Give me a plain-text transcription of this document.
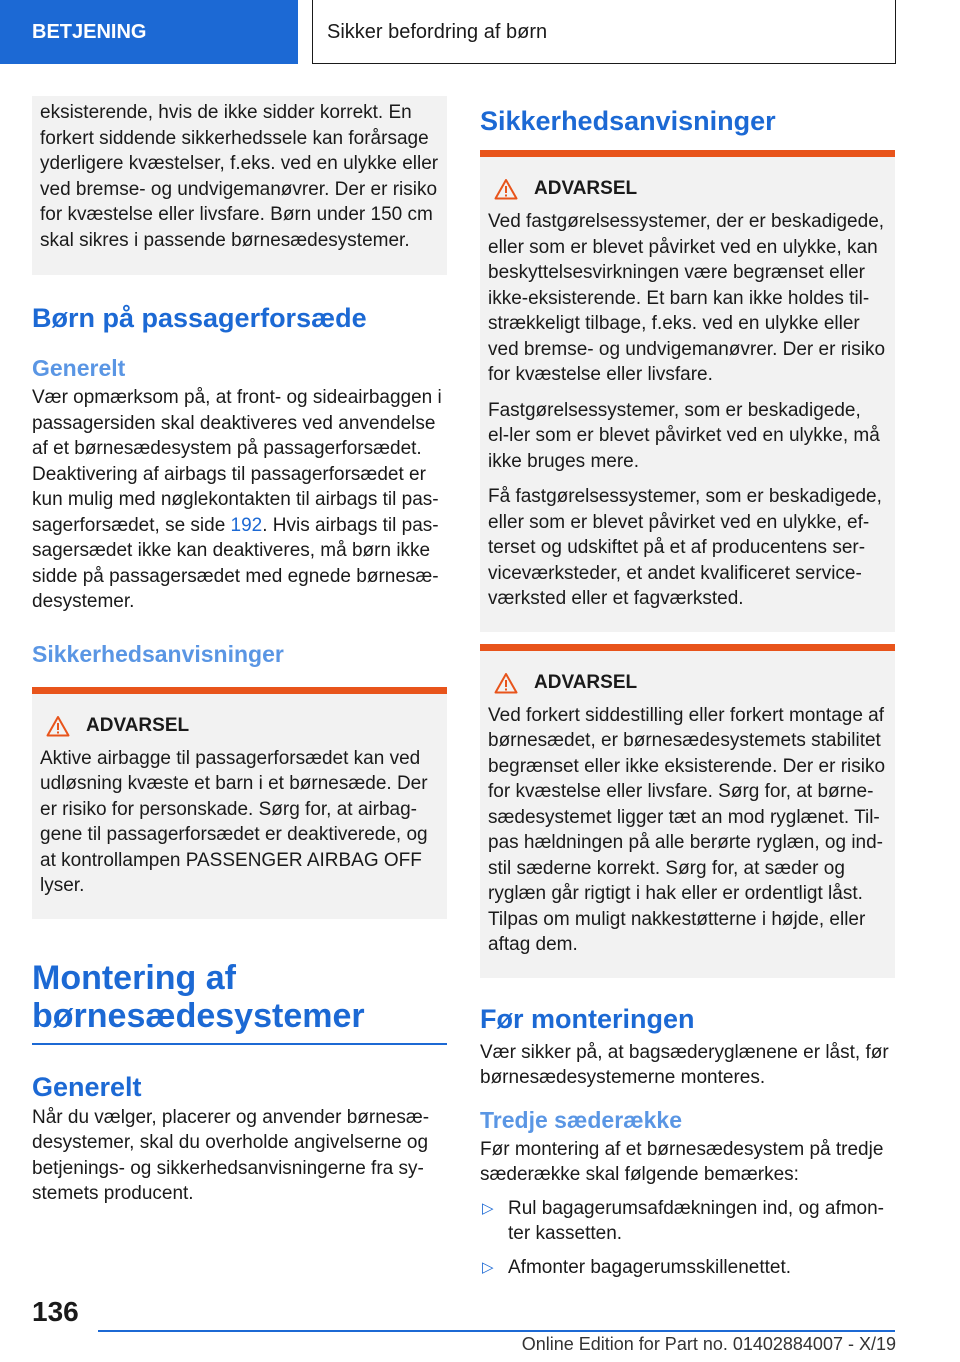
BETJENING	Sikker befordring af børn

eksisterende, hvis de ikke sidder korrekt. En forkert siddende sikkerhedssele kan forårsage yderligere kvæstelser, f.eks. ved en ulykke eller ved bremse- og undvigemanøvrer. Der er risiko for kvæstelse eller livsfare. Børn under 150 cm skal sikres i passende børnesædesystemer.

Børn på passagerforsæde
Generelt

Vær opmærksom på, at front- og sideairbaggen i passagersiden skal deaktiveres ved anvendelse af et børnesædesystem på passagerforsædet. Deaktivering af airbags til passagerforsædet er kun mulig med nøglekontakten til airbags til pas-sagerforsædet, se side 192. Hvis airbags til pas-sagersædet ikke kan deaktiveres, må børn ikke sidde på passagersædet med egnede børnesæ-desystemer.

Sikkerhedsanvisninger
ADVARSEL

Aktive airbagge til passagerforsædet kan ved udløsning kvæste et barn i et børnesæde. Der er risiko for personskade. Sørg for, at airbag-gene til passagerforsædet er deaktiverede, og at kontrollampen PASSENGER AIRBAG OFF lyser.

Montering af børnesædesystemer
Generelt

Når du vælger, placerer og anvender børnesæ-desystemer, skal du overholde angivelserne og betjenings- og sikkerhedsanvisningerne fra sy-stemets producent.

Sikkerhedsanvisninger
ADVARSEL

Ved fastgørelsessystemer, der er beskadigede, eller som er blevet påvirket ved en ulykke, kan beskyttelsesvirkningen være begrænset eller ikke-eksisterende. Et barn kan ikke holdes til-strækkeligt tilbage, f.eks. ved en ulykke eller ved bremse- og undvigemanøvrer. Der er risiko for kvæstelse eller livsfare.

Fastgørelsessystemer, som er beskadigede, el-ler som er blevet påvirket ved en ulykke, må ikke bruges mere.

Få fastgørelsessystemer, som er beskadigede, eller som er blevet påvirket ved en ulykke, ef-terset og udskiftet på et af producentens ser-viceværksteder, et andet kvalificeret service-værksted eller et fagværksted.

ADVARSEL

Ved forkert siddestilling eller forkert montage af børnesædet, er børnesædesystemets stabilitet begrænset eller ikke eksisterende. Der er risiko for kvæstelse eller livsfare. Sørg for, at børne-sædesystemet ligger tæt an mod ryglænet. Til-pas hældningen på alle berørte ryglæn, og ind-stil sæderne korrekt. Sørg for, at sæder og ryglæn går rigtigt i hak eller er ordentligt låst. Tilpas om muligt nakkestøtterne i højde, eller aftag dem.

Før monteringen

Vær sikker på, at bagsæderyglænene er låst, før børnesædesystemerne monteres.

Tredje sæderække

Før montering af et børnesædesystem på tredje sæderække skal følgende bemærkes:

▷ Rul bagagerumsafdækningen ind, og afmon-ter kassetten.
▷ Afmonter bagagerumsskillenettet.
136
Online Edition for Part no. 01402884007 - X/19
